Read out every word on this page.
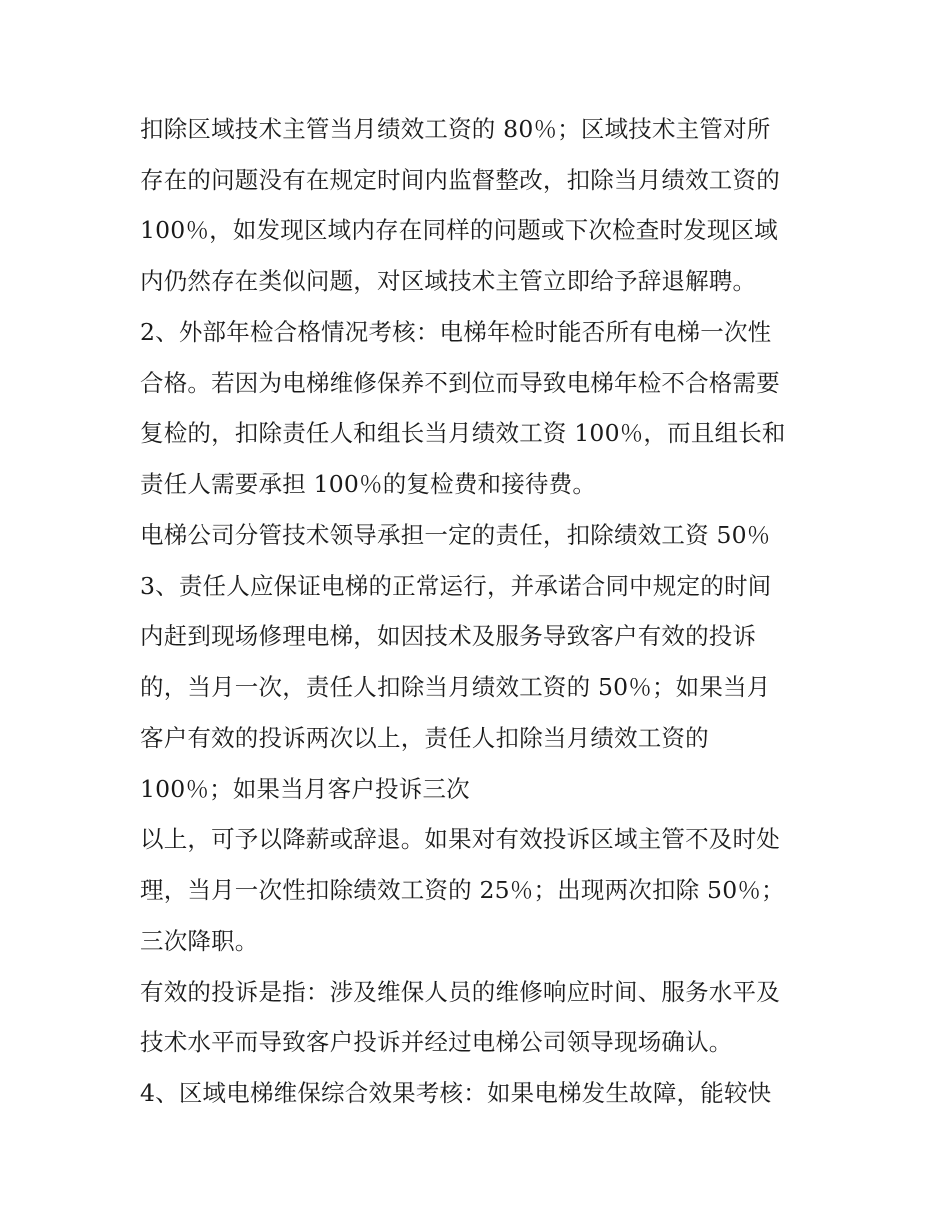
扣除区域技术主管当月绩效工资的 80％；区域技术主管对所
存在的问题没有在规定时间内监督整改，扣除当月绩效工资的
100％，如发现区域内存在同样的问题或下次检查时发现区域
内仍然存在类似问题，对区域技术主管立即给予辞退解聘。
2、外部年检合格情况考核：电梯年检时能否所有电梯一次性
合格。若因为电梯维修保养不到位而导致电梯年检不合格需要
复检的，扣除责任人和组长当月绩效工资 100％，而且组长和
责任人需要承担 100％的复检费和接待费。
电梯公司分管技术领导承担一定的责任，扣除绩效工资 50％
3、责任人应保证电梯的正常运行，并承诺合同中规定的时间
内赶到现场修理电梯，如因技术及服务导致客户有效的投诉
的，当月一次，责任人扣除当月绩效工资的 50％；如果当月
客户有效的投诉两次以上，责任人扣除当月绩效工资的
100％；如果当月客户投诉三次
以上，可予以降薪或辞退。如果对有效投诉区域主管不及时处
理，当月一次性扣除绩效工资的 25％；出现两次扣除 50％；
三次降职。
有效的投诉是指：涉及维保人员的维修响应时间、服务水平及
技术水平而导致客户投诉并经过电梯公司领导现场确认。
4、区域电梯维保综合效果考核：如果电梯发生故障，能较快
